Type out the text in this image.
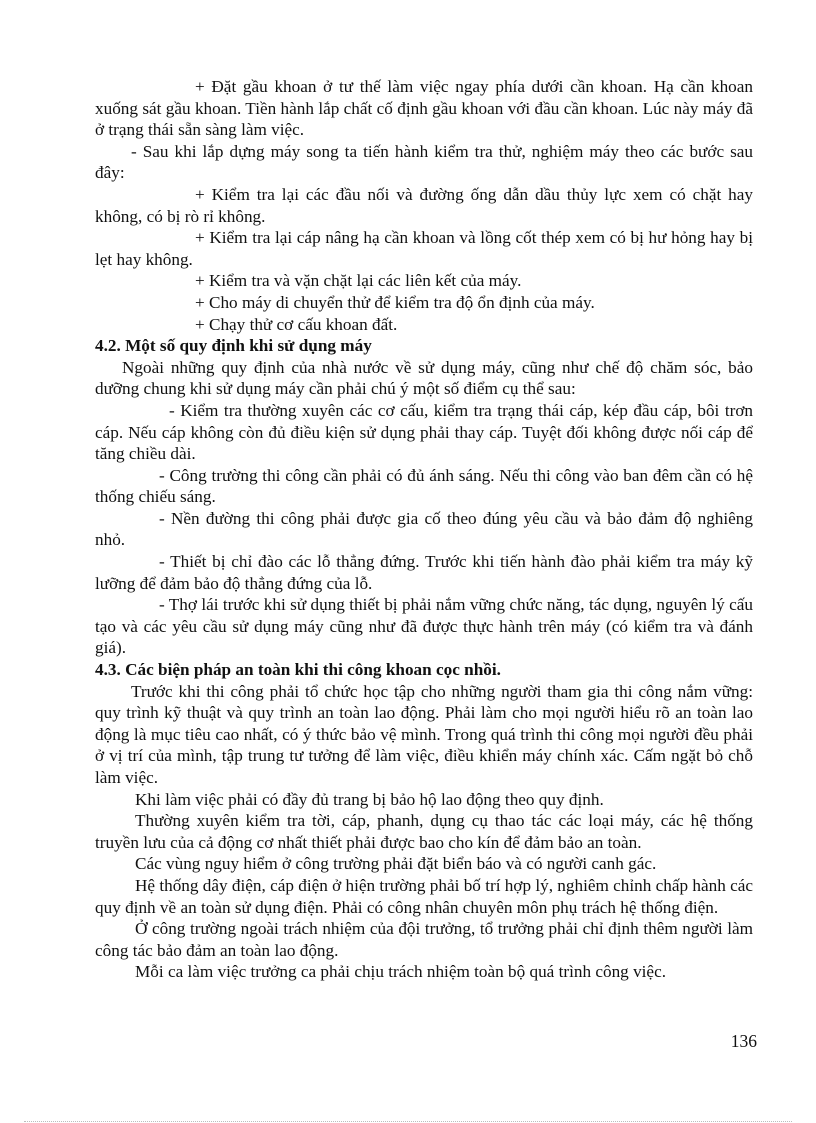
+ Đặt gầu khoan ở tư thế làm việc ngay phía dưới cần khoan. Hạ cần khoan xuống sát gầu khoan. Tiền hành lắp chất cố định gầu khoan với đầu cần khoan. Lúc này máy đã ở trạng thái sẵn sàng làm việc.

- Sau khi lắp dựng máy song ta tiến hành kiểm tra thử, nghiệm máy theo các bước sau đây:

+ Kiểm tra lại các đầu nối và đường ống dẫn dầu thủy lực xem có chặt hay không, có bị rò rỉ không.

+ Kiểm tra lại cáp nâng hạ cần khoan và lồng cốt thép xem có bị hư hỏng hay bị lẹt hay không.

+ Kiểm tra và vặn chặt lại các liên kết của máy.

+ Cho máy di chuyển thử để kiểm tra độ ổn định của máy.

+ Chạy thử cơ cấu khoan đất.

4.2. Một số quy định khi sử dụng máy

Ngoài những quy định của nhà nước về sử dụng máy, cũng như chế độ chăm sóc, bảo dưỡng chung khi sử dụng máy cần phải chú ý một số điểm cụ thể sau:

- Kiểm tra thường xuyên các cơ cấu, kiểm tra trạng thái cáp, kép đầu cáp, bôi trơn cáp. Nếu cáp không còn đủ điều kiện sử dụng phải thay cáp. Tuyệt đối không được nối cáp để tăng chiều dài.

- Công trường thi công cần phải có đủ ánh sáng. Nếu thi công vào ban đêm cần có hệ thống chiếu sáng.

- Nền đường thi công phải được gia cố theo đúng yêu cầu và bảo đảm độ nghiêng nhỏ.

- Thiết bị chỉ đào các lỗ thẳng đứng. Trước khi tiến hành đào phải kiểm tra máy kỹ lưỡng để đảm bảo độ thẳng đứng của lỗ.

- Thợ lái trước khi sử dụng thiết bị phải nắm vững chức năng, tác dụng, nguyên lý cấu tạo và các yêu cầu sử dụng máy cũng như đã được thực hành trên máy (có kiểm tra và đánh giá).

4.3. Các biện pháp an toàn khi thi công khoan cọc nhồi.

Trước khi thi công phải tổ chức học tập cho những người tham gia thi công nắm vững: quy trình kỹ thuật và quy trình an toàn lao động. Phải làm cho mọi người hiểu rõ an toàn lao động là mục tiêu cao nhất, có ý thức bảo vệ mình. Trong quá trình thi công mọi người đều phải ở vị trí của mình, tập trung tư tưởng để làm việc, điều khiển máy chính xác. Cấm ngặt bỏ chỗ làm việc.

Khi làm việc phải có đầy đủ trang bị bảo hộ lao động theo quy định.

Thường xuyên kiểm tra tời, cáp, phanh, dụng cụ thao tác các loại máy, các hệ thống truyền lưu của cả động cơ nhất thiết phải được bao cho kín để đảm bảo an toàn.

Các vùng nguy hiểm ở công trường phải đặt biển báo và có người canh gác.

Hệ thống dây điện, cáp điện ở hiện trường phải bố trí hợp lý, nghiêm chỉnh chấp hành các quy định về an toàn sử dụng điện. Phải có công nhân chuyên môn phụ trách hệ thống điện.

Ở công trường ngoài trách nhiệm của đội trưởng, tổ trưởng phải chỉ định thêm người làm công tác bảo đảm an toàn lao động.

Mỗi ca làm việc trưởng ca phải chịu trách nhiệm toàn bộ quá trình công việc.

136
